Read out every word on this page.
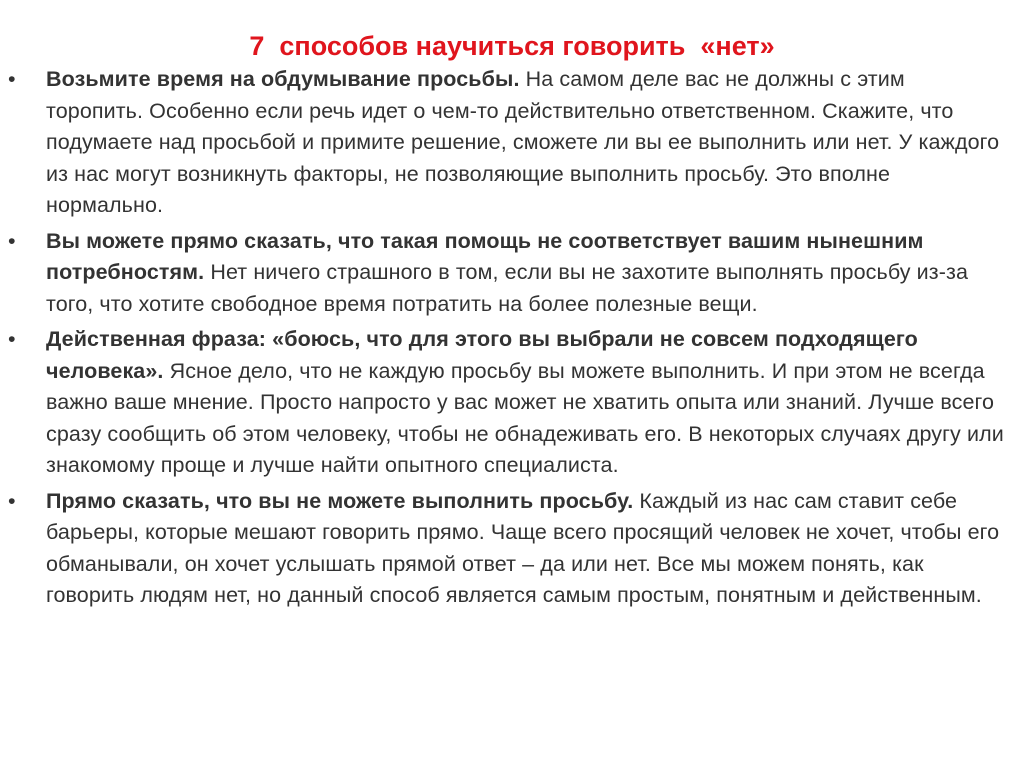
7  способов научиться говорить  «нет»
•	Возьмите время на обдумывание просьбы. На самом деле вас не должны с этим торопить. Особенно если речь идет о чем-то действительно ответственном. Скажите, что подумаете над просьбой и примите решение, сможете ли вы ее выполнить или нет. У каждого из нас могут возникнуть факторы, не позволяющие выполнить просьбу. Это вполне нормально.
•	Вы можете прямо сказать, что такая помощь не соответствует вашим нынешним потребностям. Нет ничего страшного в том, если вы не захотите выполнять просьбу из-за того, что хотите свободное время потратить на более полезные вещи.
•	Действенная фраза: «боюсь, что для этого вы выбрали не совсем подходящего человека». Ясное дело, что не каждую просьбу вы можете выполнить. И при этом не всегда важно ваше мнение. Просто напросто у вас может не хватить опыта или знаний. Лучше всего сразу сообщить об этом человеку, чтобы не обнадеживать его. В некоторых случаях другу или знакомому проще и лучше найти опытного специалиста.
•	Прямо сказать, что вы не можете выполнить просьбу. Каждый из нас сам ставит себе барьеры, которые мешают говорить прямо. Чаще всего просящий человек не хочет, чтобы его обманывали, он хочет услышать прямой ответ – да или нет. Все мы можем понять, как говорить людям нет, но данный способ является самым простым, понятным и действенным.
